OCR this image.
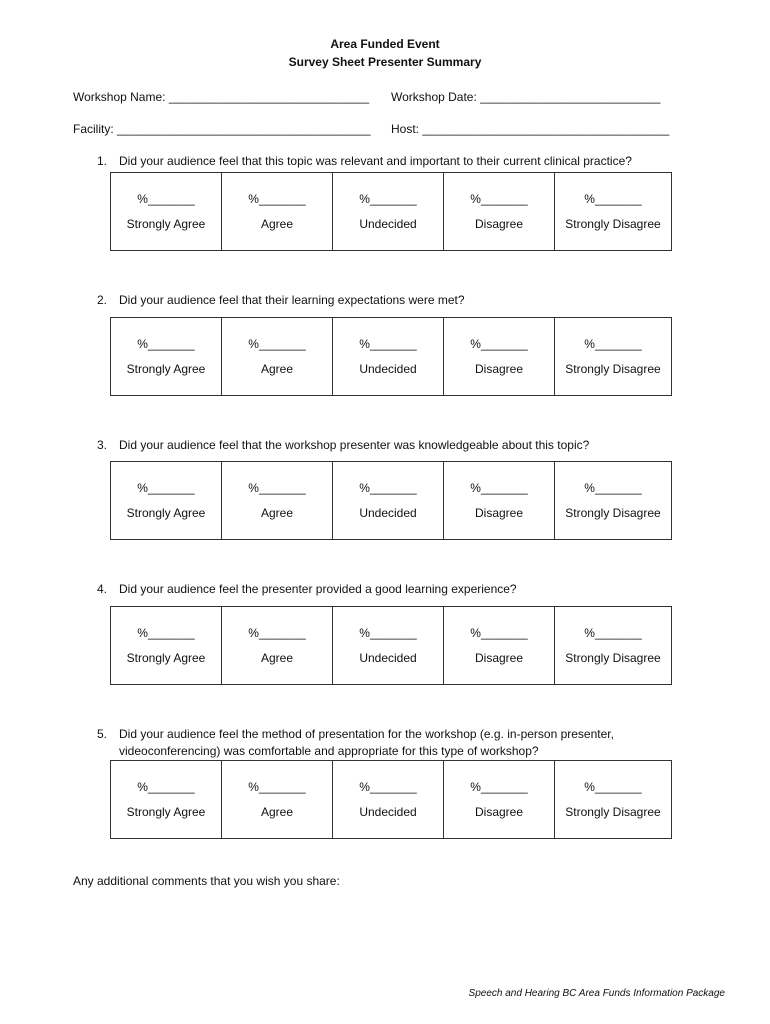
Area Funded Event
Survey Sheet Presenter Summary
Workshop Name: ______________________________ Workshop Date: ___________________________
Facility: ______________________________________ Host: _____________________________________
1. Did your audience feel that this topic was relevant and important to their current clinical practice?
%_______
Strongly Agree

%_______
Agree

%_______
Undecided

%_______
Disagree

%_______
Strongly Disagree
2. Did your audience feel that their learning expectations were met?
%_______
Strongly Agree

%_______
Agree

%_______
Undecided

%_______
Disagree

%_______
Strongly Disagree
3. Did your audience feel that the workshop presenter was knowledgeable about this topic?
%_______
Strongly Agree

%_______
Agree

%_______
Undecided

%_______
Disagree

%_______
Strongly Disagree
4. Did your audience feel the presenter provided a good learning experience?
%_______
Strongly Agree

%_______
Agree

%_______
Undecided

%_______
Disagree

%_______
Strongly Disagree
5. Did your audience feel the method of presentation for the workshop (e.g. in-person presenter, videoconferencing) was comfortable and appropriate for this type of workshop?
%_______
Strongly Agree

%_______
Agree

%_______
Undecided

%_______
Disagree

%_______
Strongly Disagree
Any additional comments that you wish you share:
Speech and Hearing BC Area Funds Information Package
